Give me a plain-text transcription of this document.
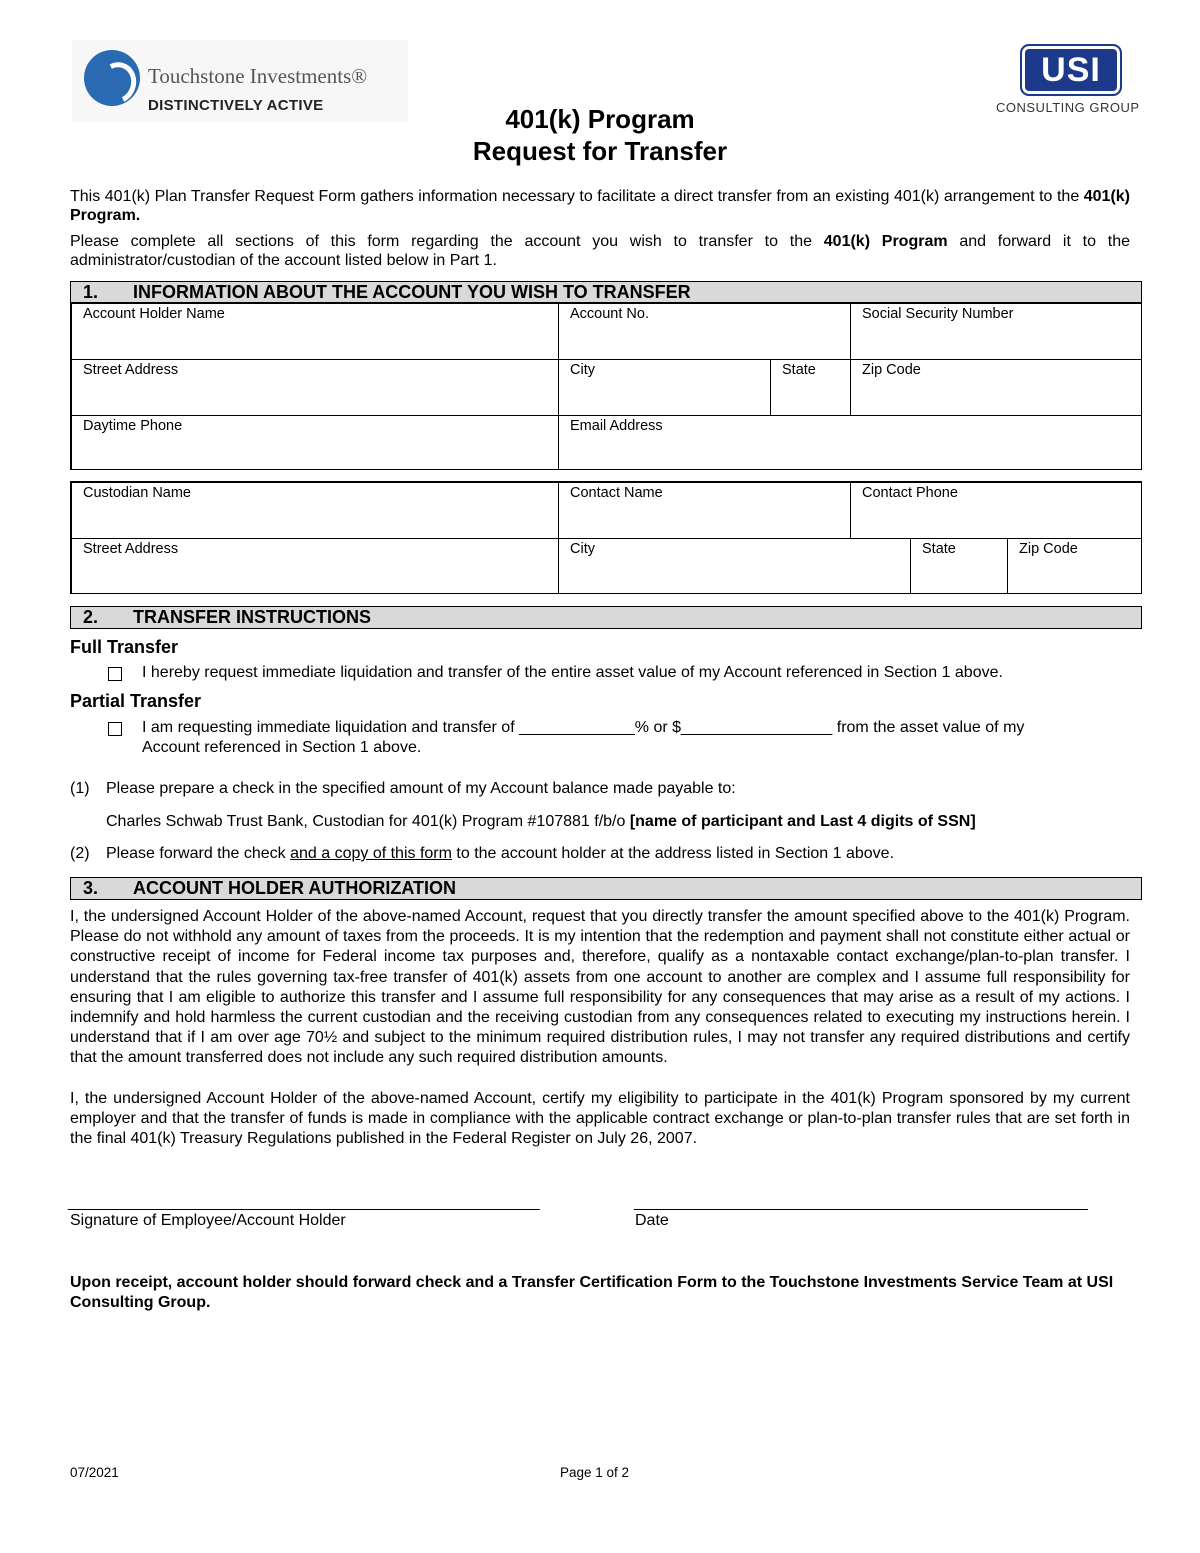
Touchstone Investments®
DISTINCTIVELY ACTIVE
USI
CONSULTING GROUP
401(k) Program
Request for Transfer

This 401(k) Plan Transfer Request Form gathers information necessary to facilitate a direct transfer from an existing 401(k) arrangement to the 401(k) Program.

Please complete all sections of this form regarding the account you wish to transfer to the 401(k) Program and forward it to the administrator/custodian of the account listed below in Part 1.

1. INFORMATION ABOUT THE ACCOUNT YOU WISH TO TRANSFER
Account Holder Name	Account No.	Social Security Number
Street Address	City	State	Zip Code
Daytime Phone	Email Address
Custodian Name	Contact Name	Contact Phone
Street Address	City	State	Zip Code
2. TRANSFER INSTRUCTIONS
Full Transfer
I hereby request immediate liquidation and transfer of the entire asset value of my Account referenced in Section 1 above.
Partial Transfer
I am requesting immediate liquidation and transfer of _____________% or $_________________ from the asset value of my
Account referenced in Section 1 above.
(1) Please prepare a check in the specified amount of my Account balance made payable to:
Charles Schwab Trust Bank, Custodian for 401(k) Program #107881 f/b/o [name of participant and Last 4 digits of SSN]
(2) Please forward the check and a copy of this form to the account holder at the address listed in Section 1 above.
3. ACCOUNT HOLDER AUTHORIZATION

I, the undersigned Account Holder of the above-named Account, request that you directly transfer the amount specified above to the 401(k) Program. Please do not withhold any amount of taxes from the proceeds. It is my intention that the redemption and payment shall not constitute either actual or constructive receipt of income for Federal income tax purposes and, therefore, qualify as a nontaxable contact exchange/plan-to-plan transfer. I understand that the rules governing tax-free transfer of 401(k) assets from one account to another are complex and I assume full responsibility for ensuring that I am eligible to authorize this transfer and I assume full responsibility for any consequences that may arise as a result of my actions. I indemnify and hold harmless the current custodian and the receiving custodian from any consequences related to executing my instructions herein. I understand that if I am over age 70½ and subject to the minimum required distribution rules, I may not transfer any required distributions and certify that the amount transferred does not include any such required distribution amounts.

I, the undersigned Account Holder of the above-named Account, certify my eligibility to participate in the 401(k) Program sponsored by my current employer and that the transfer of funds is made in compliance with the applicable contract exchange or plan-to-plan transfer rules that are set forth in the final 401(k) Treasury Regulations published in the Federal Register on July 26, 2007.

_____________________________________________________	___________________________________________________
Signature of Employee/Account Holder	Date
Upon receipt, account holder should forward check and a Transfer Certification Form to the Touchstone Investments Service Team at USI Consulting Group.
07/2021	Page 1 of 2
